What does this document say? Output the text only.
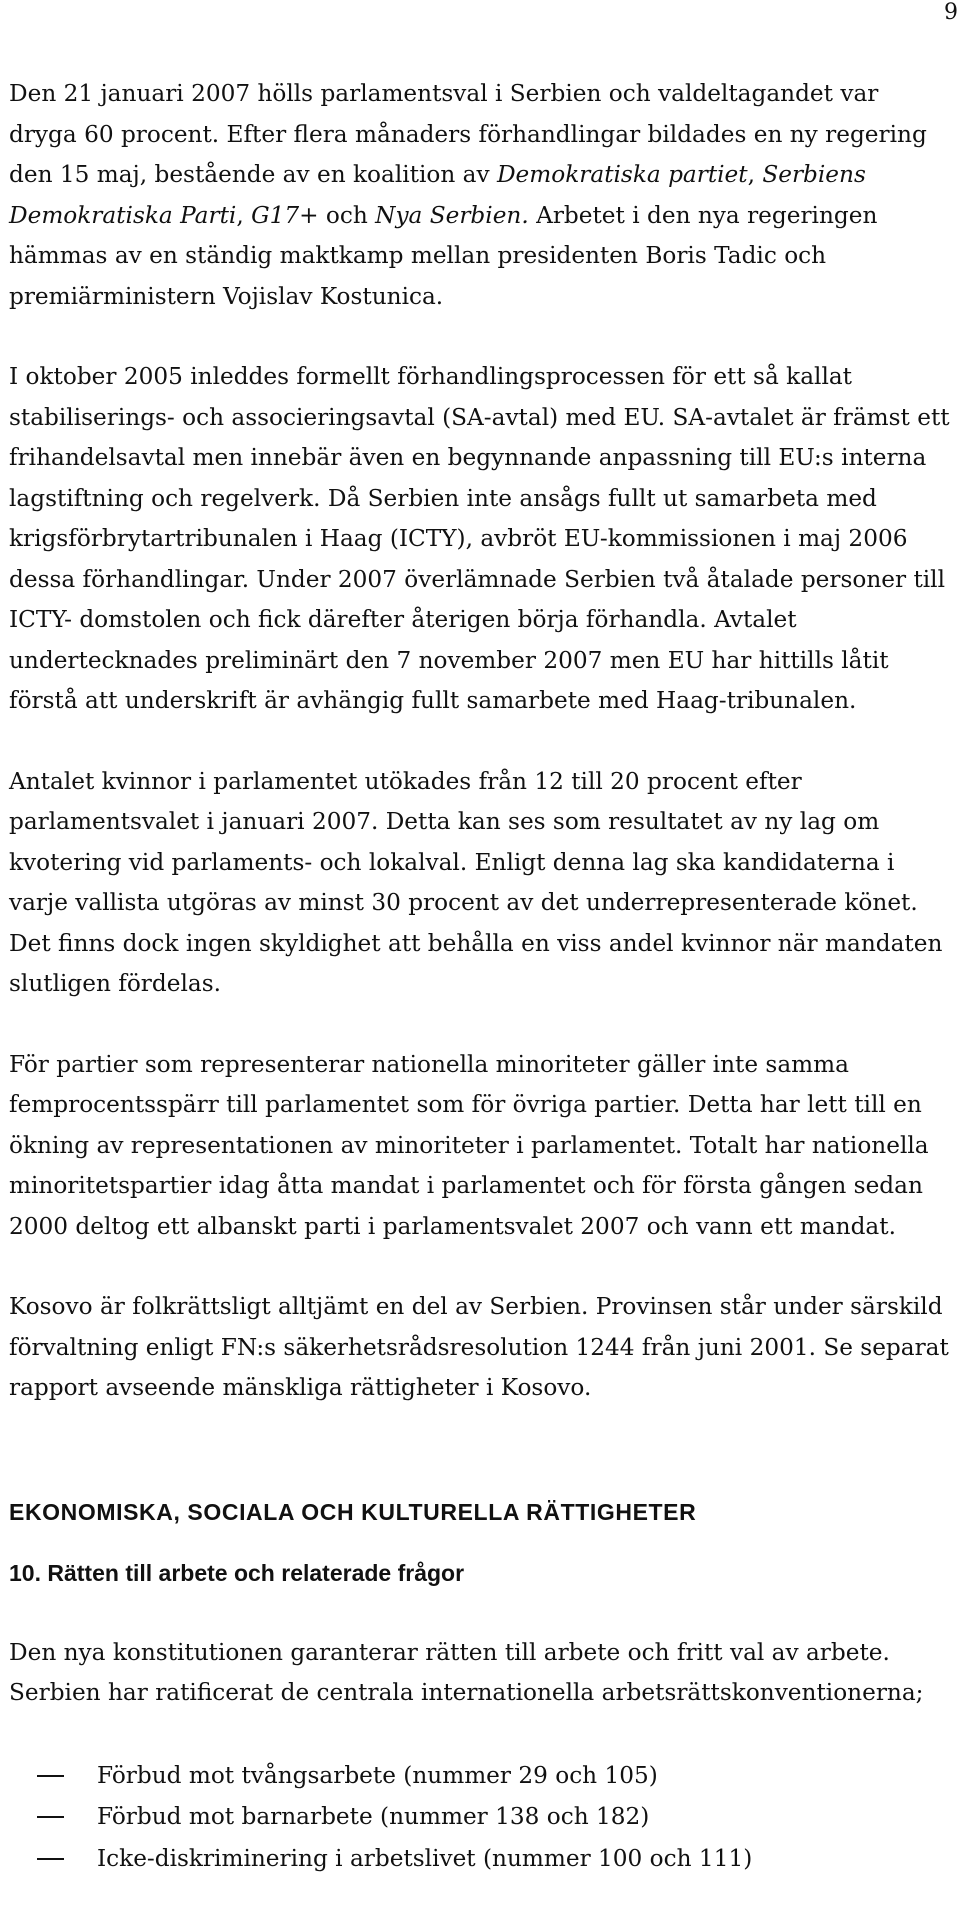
9

Den 21 januari 2007 hölls parlamentsval i Serbien och valdeltagandet var dryga 60 procent. Efter flera månaders förhandlingar bildades en ny regering den 15 maj, bestående av en koalition av Demokratiska partiet, Serbiens Demokratiska Parti, G17+ och Nya Serbien. Arbetet i den nya regeringen hämmas av en ständig maktkamp mellan presidenten Boris Tadic och premiärministern Vojislav Kostunica.

I oktober 2005 inleddes formellt förhandlingsprocessen för ett så kallat stabiliserings- och associeringsavtal (SA-avtal) med EU. SA-avtalet är främst ett frihandelsavtal men innebär även en begynnande anpassning till EU:s interna lagstiftning och regelverk. Då Serbien inte ansågs fullt ut samarbeta med krigsförbrytartribunalen i Haag (ICTY), avbröt EU-kommissionen i maj 2006 dessa förhandlingar. Under 2007 överlämnade Serbien två åtalade personer till ICTY- domstolen och fick därefter återigen börja förhandla. Avtalet undertecknades preliminärt den 7 november 2007 men EU har hittills låtit förstå att underskrift är avhängig fullt samarbete med Haag-tribunalen.

Antalet kvinnor i parlamentet utökades från 12 till 20 procent efter parlamentsvalet i januari 2007. Detta kan ses som resultatet av ny lag om kvotering vid parlaments- och lokalval. Enligt denna lag ska kandidaterna i varje vallista utgöras av minst 30 procent av det underrepresenterade könet. Det finns dock ingen skyldighet att behålla en viss andel kvinnor när mandaten slutligen fördelas.

För partier som representerar nationella minoriteter gäller inte samma femprocentsspärr till parlamentet som för övriga partier. Detta har lett till en ökning av representationen av minoriteter i parlamentet. Totalt har nationella minoritetspartier idag åtta mandat i parlamentet och för första gången sedan 2000 deltog ett albanskt parti i parlamentsvalet 2007 och vann ett mandat.

Kosovo är folkrättsligt alltjämt en del av Serbien. Provinsen står under särskild förvaltning enligt FN:s säkerhetsrådsresolution 1244 från juni 2001. Se separat rapport avseende mänskliga rättigheter i Kosovo.

EKONOMISKA, SOCIALA OCH KULTURELLA RÄTTIGHETER
10. Rätten till arbete och relaterade frågor

Den nya konstitutionen garanterar rätten till arbete och fritt val av arbete. Serbien har ratificerat de centrala internationella arbetsrättskonventionerna;

Förbud mot tvångsarbete (nummer 29 och 105)
Förbud mot barnarbete (nummer 138 och 182)
Icke-diskriminering i arbetslivet (nummer 100 och 111)
